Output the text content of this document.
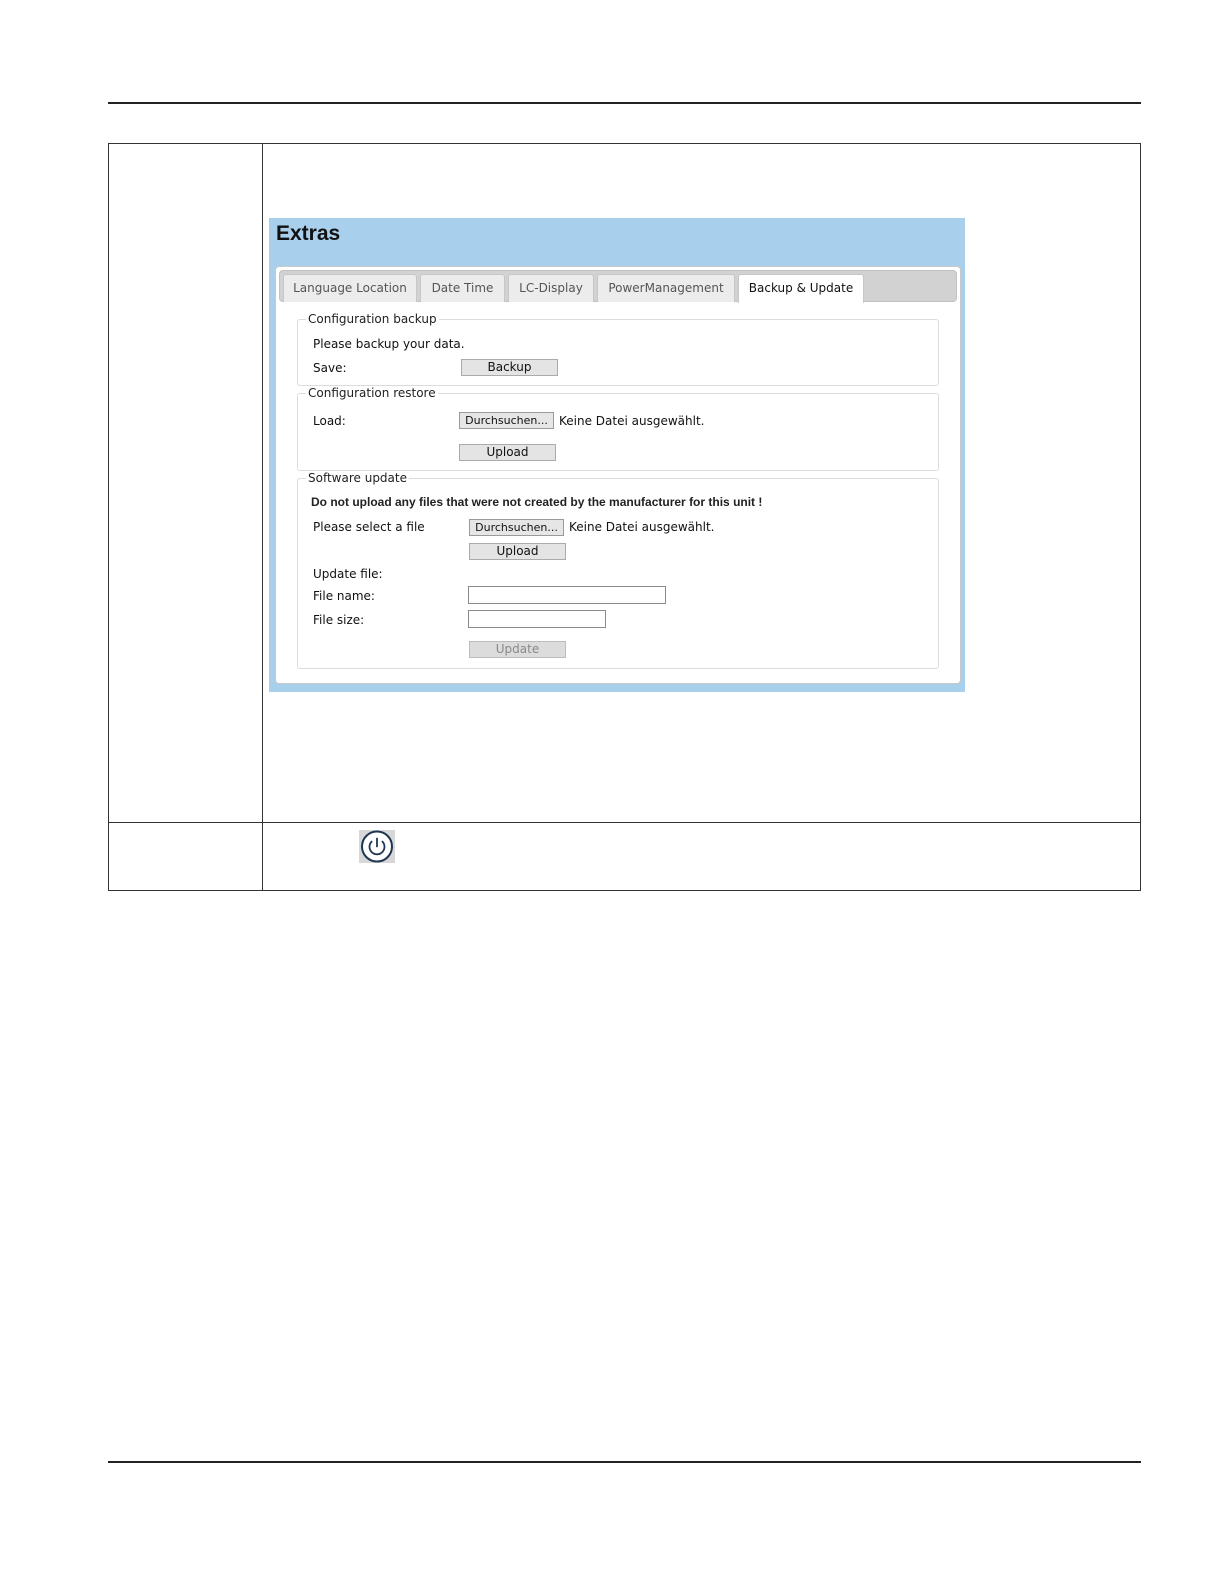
Extras
Language Location	Date Time	LC-Display	PowerManagement	Backup & Update
Configuration backup
Please backup your data.
Save:	Backup
Configuration restore
Load:	Durchsuchen... Keine Datei ausgewählt.
Upload
Software update
Do not upload any files that were not created by the manufacturer for this unit !
Please select a file	Durchsuchen... Keine Datei ausgewählt.
Upload
Update file:
File name:
File size:
Update
